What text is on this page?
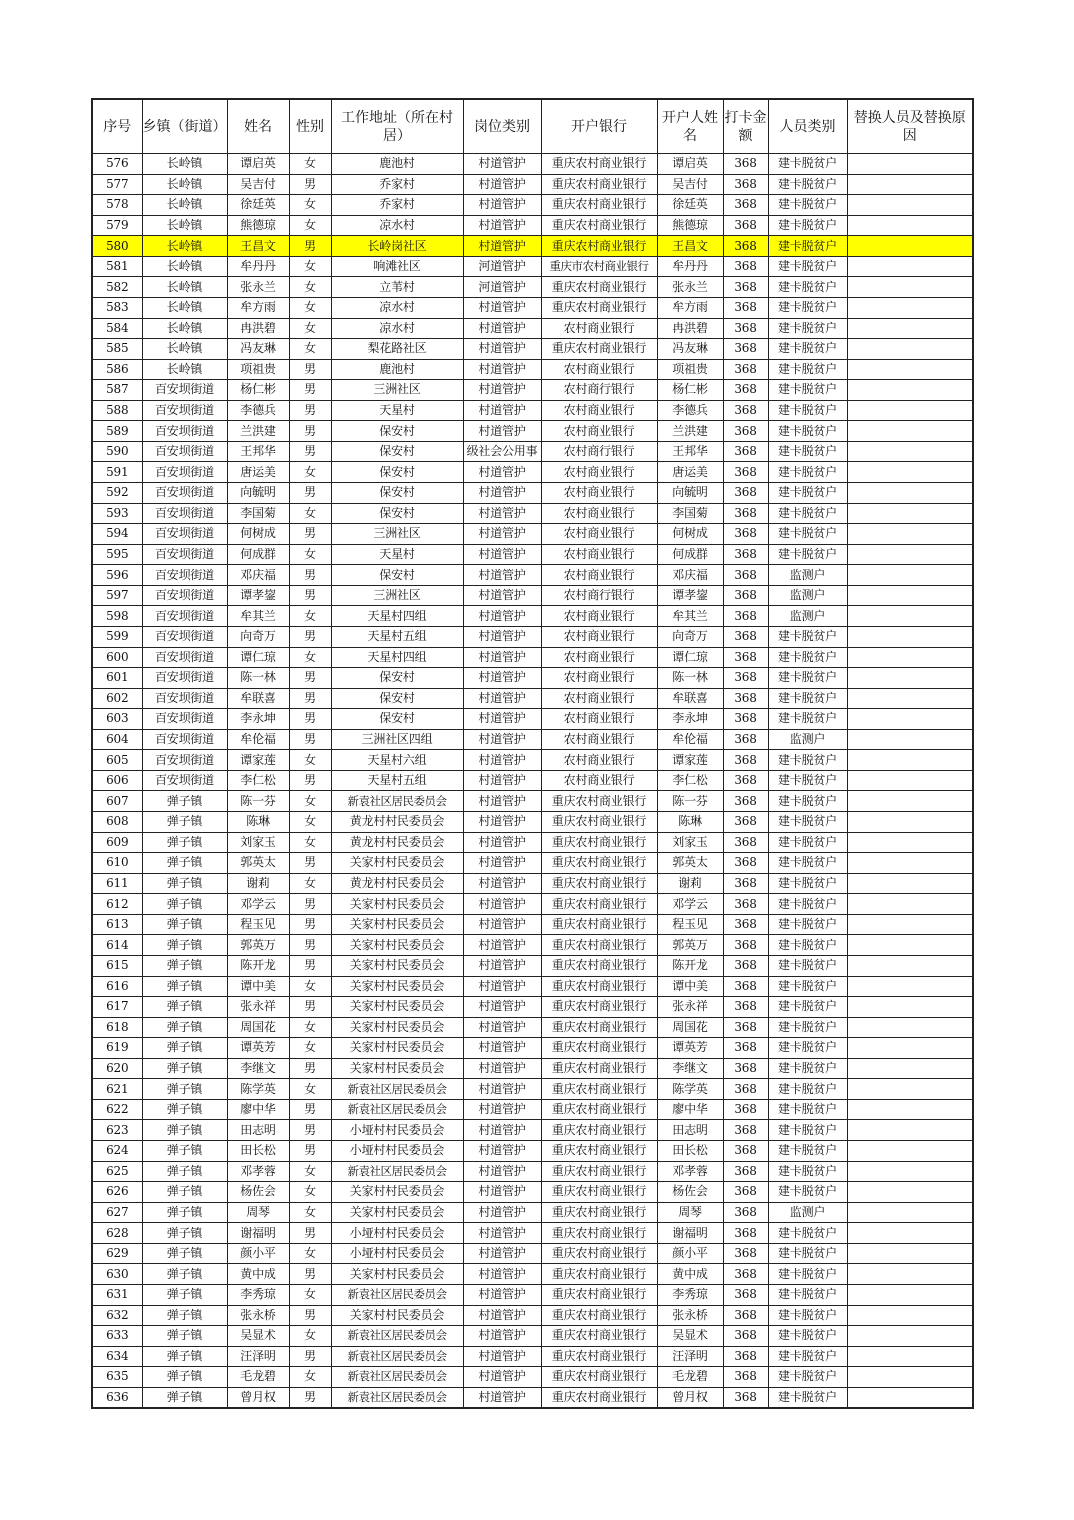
序号	乡镇（街道）	姓名	性别	工作地址（所在村居）	岗位类别	开户银行	开户人姓名	打卡金额	人员类别	替换人员及替换原因
576	长岭镇	谭启英	女	鹿池村	村道管护	重庆农村商业银行	谭启英	368	建卡脱贫户	
577	长岭镇	吴吉付	男	乔家村	村道管护	重庆农村商业银行	吴吉付	368	建卡脱贫户	
578	长岭镇	徐廷英	女	乔家村	村道管护	重庆农村商业银行	徐廷英	368	建卡脱贫户	
579	长岭镇	熊德琼	女	凉水村	村道管护	重庆农村商业银行	熊德琼	368	建卡脱贫户	
580	长岭镇	王昌文	男	长岭岗社区	村道管护	重庆农村商业银行	王昌文	368	建卡脱贫户	
581	长岭镇	牟丹丹	女	响滩社区	河道管护	重庆市农村商业银行	牟丹丹	368	建卡脱贫户	
582	长岭镇	张永兰	女	立苇村	河道管护	重庆农村商业银行	张永兰	368	建卡脱贫户	
583	长岭镇	牟方雨	女	凉水村	村道管护	重庆农村商业银行	牟方雨	368	建卡脱贫户	
584	长岭镇	冉洪碧	女	凉水村	村道管护	农村商业银行	冉洪碧	368	建卡脱贫户	
585	长岭镇	冯友琳	女	梨花路社区	村道管护	重庆农村商业银行	冯友琳	368	建卡脱贫户	
586	长岭镇	项祖贵	男	鹿池村	村道管护	农村商业银行	项祖贵	368	建卡脱贫户	
587	百安坝街道	杨仁彬	男	三洲社区	村道管护	农村商行银行	杨仁彬	368	建卡脱贫户	
588	百安坝街道	李德兵	男	天星村	村道管护	农村商业银行	李德兵	368	建卡脱贫户	
589	百安坝街道	兰洪建	男	保安村	村道管护	农村商业银行	兰洪建	368	建卡脱贫户	
590	百安坝街道	王邦华	男	保安村	级社会公用事	农村商行银行	王邦华	368	建卡脱贫户	
591	百安坝街道	唐运美	女	保安村	村道管护	农村商业银行	唐运美	368	建卡脱贫户	
592	百安坝街道	向毓明	男	保安村	村道管护	农村商业银行	向毓明	368	建卡脱贫户	
593	百安坝街道	李国菊	女	保安村	村道管护	农村商业银行	李国菊	368	建卡脱贫户	
594	百安坝街道	何树成	男	三洲社区	村道管护	农村商业银行	何树成	368	建卡脱贫户	
595	百安坝街道	何成群	女	天星村	村道管护	农村商业银行	何成群	368	建卡脱贫户	
596	百安坝街道	邓庆福	男	保安村	村道管护	农村商业银行	邓庆福	368	监测户	
597	百安坝街道	谭孝鋆	男	三洲社区	村道管护	农村商行银行	谭孝鋆	368	监测户	
598	百安坝街道	牟其兰	女	天星村四组	村道管护	农村商业银行	牟其兰	368	监测户	
599	百安坝街道	向奇万	男	天星村五组	村道管护	农村商业银行	向奇万	368	建卡脱贫户	
600	百安坝街道	谭仁琼	女	天星村四组	村道管护	农村商业银行	谭仁琼	368	建卡脱贫户	
601	百安坝街道	陈一林	男	保安村	村道管护	农村商业银行	陈一林	368	建卡脱贫户	
602	百安坝街道	牟联喜	男	保安村	村道管护	农村商业银行	牟联喜	368	建卡脱贫户	
603	百安坝街道	李永坤	男	保安村	村道管护	农村商业银行	李永坤	368	建卡脱贫户	
604	百安坝街道	牟伦福	男	三洲社区四组	村道管护	农村商业银行	牟伦福	368	监测户	
605	百安坝街道	谭家莲	女	天星村六组	村道管护	农村商业银行	谭家莲	368	建卡脱贫户	
606	百安坝街道	李仁松	男	天星村五组	村道管护	农村商业银行	李仁松	368	建卡脱贫户	
607	弹子镇	陈一芬	女	新袁社区居民委员会	村道管护	重庆农村商业银行	陈一芬	368	建卡脱贫户	
608	弹子镇	陈琳	女	黄龙村村民委员会	村道管护	重庆农村商业银行	陈琳	368	建卡脱贫户	
609	弹子镇	刘家玉	女	黄龙村村民委员会	村道管护	重庆农村商业银行	刘家玉	368	建卡脱贫户	
610	弹子镇	郭英太	男	关家村村民委员会	村道管护	重庆农村商业银行	郭英太	368	建卡脱贫户	
611	弹子镇	谢莉	女	黄龙村村民委员会	村道管护	重庆农村商业银行	谢莉	368	建卡脱贫户	
612	弹子镇	邓学云	男	关家村村民委员会	村道管护	重庆农村商业银行	邓学云	368	建卡脱贫户	
613	弹子镇	程玉见	男	关家村村民委员会	村道管护	重庆农村商业银行	程玉见	368	建卡脱贫户	
614	弹子镇	郭英万	男	关家村村民委员会	村道管护	重庆农村商业银行	郭英万	368	建卡脱贫户	
615	弹子镇	陈开龙	男	关家村村民委员会	村道管护	重庆农村商业银行	陈开龙	368	建卡脱贫户	
616	弹子镇	谭中美	女	关家村村民委员会	村道管护	重庆农村商业银行	谭中美	368	建卡脱贫户	
617	弹子镇	张永祥	男	关家村村民委员会	村道管护	重庆农村商业银行	张永祥	368	建卡脱贫户	
618	弹子镇	周国花	女	关家村村民委员会	村道管护	重庆农村商业银行	周国花	368	建卡脱贫户	
619	弹子镇	谭英芳	女	关家村村民委员会	村道管护	重庆农村商业银行	谭英芳	368	建卡脱贫户	
620	弹子镇	李继文	男	关家村村民委员会	村道管护	重庆农村商业银行	李继文	368	建卡脱贫户	
621	弹子镇	陈学英	女	新袁社区居民委员会	村道管护	重庆农村商业银行	陈学英	368	建卡脱贫户	
622	弹子镇	廖中华	男	新袁社区居民委员会	村道管护	重庆农村商业银行	廖中华	368	建卡脱贫户	
623	弹子镇	田志明	男	小垭村村民委员会	村道管护	重庆农村商业银行	田志明	368	建卡脱贫户	
624	弹子镇	田长松	男	小垭村村民委员会	村道管护	重庆农村商业银行	田长松	368	建卡脱贫户	
625	弹子镇	邓孝蓉	女	新袁社区居民委员会	村道管护	重庆农村商业银行	邓孝蓉	368	建卡脱贫户	
626	弹子镇	杨佐会	女	关家村村民委员会	村道管护	重庆农村商业银行	杨佐会	368	建卡脱贫户	
627	弹子镇	周琴	女	关家村村民委员会	村道管护	重庆农村商业银行	周琴	368	监测户	
628	弹子镇	谢福明	男	小垭村村民委员会	村道管护	重庆农村商业银行	谢福明	368	建卡脱贫户	
629	弹子镇	颜小平	女	小垭村村民委员会	村道管护	重庆农村商业银行	颜小平	368	建卡脱贫户	
630	弹子镇	黄中成	男	关家村村民委员会	村道管护	重庆农村商业银行	黄中成	368	建卡脱贫户	
631	弹子镇	李秀琼	女	新袁社区居民委员会	村道管护	重庆农村商业银行	李秀琼	368	建卡脱贫户	
632	弹子镇	张永桥	男	关家村村民委员会	村道管护	重庆农村商业银行	张永桥	368	建卡脱贫户	
633	弹子镇	吴显术	女	新袁社区居民委员会	村道管护	重庆农村商业银行	吴显术	368	建卡脱贫户	
634	弹子镇	汪泽明	男	新袁社区居民委员会	村道管护	重庆农村商业银行	汪泽明	368	建卡脱贫户	
635	弹子镇	毛龙碧	女	新袁社区居民委员会	村道管护	重庆农村商业银行	毛龙碧	368	建卡脱贫户	
636	弹子镇	曾月权	男	新袁社区居民委员会	村道管护	重庆农村商业银行	曾月权	368	建卡脱贫户	
